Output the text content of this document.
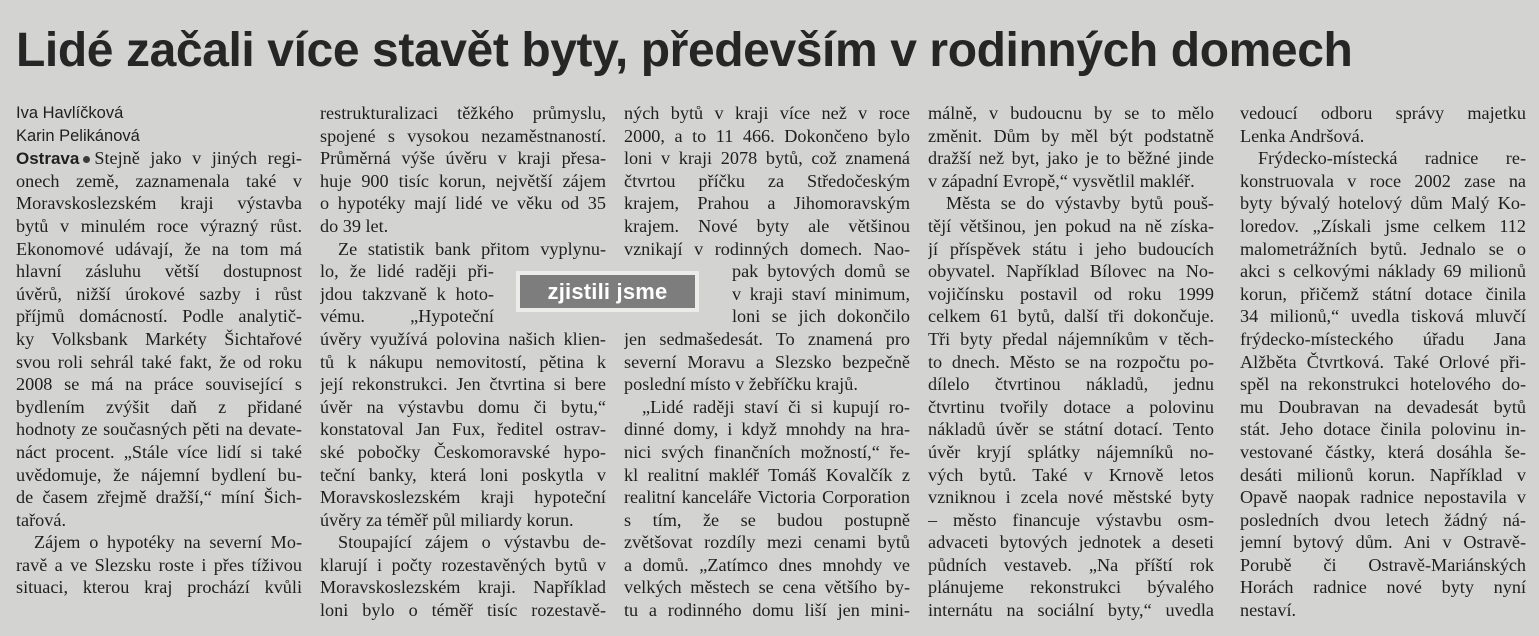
Lidé začali více stavět byty, především v rodinných domech
Iva Havlíčková
Karin Pelikánová
Ostrava Stejně jako v jiných regi-
onech země, zaznamenala také v
Moravskoslezském kraji výstavba
bytů v minulém roce výrazný růst.
Ekonomové udávají, že na tom má
hlavní zásluhu větší dostupnost
úvěrů, nižší úrokové sazby i růst
příjmů domácností. Podle analytič-
ky Volksbank Markéty Šichtařové
svou roli sehrál také fakt, že od roku
2008 se má na práce související s
bydlením zvýšit daň z přidané
hodnoty ze současných pěti na devate-
náct procent. „Stále více lidí si také
uvědomuje, že nájemní bydlení bu-
de časem zřejmě dražší,“ míní Šich-
tařová.
Zájem o hypotéky na severní Mo-
ravě a ve Slezsku roste i přes tíživou
situaci, kterou kraj prochází kvůli
restrukturalizaci těžkého průmyslu,
spojené s vysokou nezaměstnaností.
Průměrná výše úvěru v kraji přesa-
huje 900 tisíc korun, největší zájem
o hypotéky mají lidé ve věku od 35
do 39 let.
Ze statistik bank přitom vyplynu-
lo, že lidé raději při-
jdou takzvaně k hoto-
vému. „Hypoteční
úvěry využívá polovina našich klien-
tů k nákupu nemovitostí, pětina k
její rekonstrukci. Jen čtvrtina si bere
úvěr na výstavbu domu či bytu,“
konstatoval Jan Fux, ředitel ostrav-
ské pobočky Českomoravské hypo-
teční banky, která loni poskytla v
Moravskoslezském kraji hypoteční
úvěry za téměř půl miliardy korun.
Stoupající zájem o výstavbu de-
klarují i počty rozestavěných bytů v
Moravskoslezském kraji. Například
loni bylo o téměř tisíc rozestavě-
ných bytů v kraji více než v roce
2000, a to 11 466. Dokončeno bylo
loni v kraji 2078 bytů, což znamená
čtvrtou příčku za Středočeským
krajem, Prahou a Jihomoravským
krajem. Nové byty ale většinou
vznikají v rodinných domech. Nao-
pak bytových domů se
v kraji staví minimum,
loni se jich dokončilo
jen sedmašedesát. To znamená pro
severní Moravu a Slezsko bezpečně
poslední místo v žebříčku krajů.
„Lidé raději staví či si kupují ro-
dinné domy, i když mnohdy na hra-
nici svých finančních možností,“ ře-
kl realitní makléř Tomáš Kovalčík z
realitní kanceláře Victoria Corporation
s tím, že se budou postupně
zvětšovat rozdíly mezi cenami bytů
a domů. „Zatímco dnes mnohdy ve
velkých městech se cena většího by-
tu a rodinného domu liší jen mini-
málně, v budoucnu by se to mělo
změnit. Dům by měl být podstatně
dražší než byt, jako je to běžné jinde
v západní Evropě,“ vysvětlil makléř.
Města se do výstavby bytů pouš-
tějí většinou, jen pokud na ně získa-
jí příspěvek státu i jeho budoucích
obyvatel. Například Bílovec na No-
vojičínsku postavil od roku 1999
celkem 61 bytů, další tři dokončuje.
Tři byty předal nájemníkům v těch-
to dnech. Město se na rozpočtu po-
dílelo čtvrtinou nákladů, jednu
čtvrtinu tvořily dotace a polovinu
nákladů úvěr se státní dotací. Tento
úvěr kryjí splátky nájemníků no-
vých bytů. Také v Krnově letos
vzniknou i zcela nové městské byty
– město financuje výstavbu osm-
advaceti bytových jednotek a deseti
půdních vestaveb. „Na příští rok
plánujeme rekonstrukci bývalého
internátu na sociální byty,“ uvedla
vedoucí odboru správy majetku
Lenka Andršová.
Frýdecko-místecká radnice re-
konstruovala v roce 2002 zase na
byty bývalý hotelový dům Malý Ko-
loredov. „Získali jsme celkem 112
malometrážních bytů. Jednalo se o
akci s celkovými náklady 69 milionů
korun, přičemž státní dotace činila
34 milionů,“ uvedla tisková mluvčí
frýdecko-místeckého úřadu Jana
Alžběta Čtvrtková. Také Orlové při-
spěl na rekonstrukci hotelového do-
mu Doubravan na devadesát bytů
stát. Jeho dotace činila polovinu in-
vestované částky, která dosáhla še-
desáti milionů korun. Například v
Opavě naopak radnice nepostavila v
posledních dvou letech žádný ná-
jemní bytový dům. Ani v Ostravě-
Porubě či Ostravě-Mariánských
Horách radnice nové byty nyní
nestaví.
zjistili jsme
